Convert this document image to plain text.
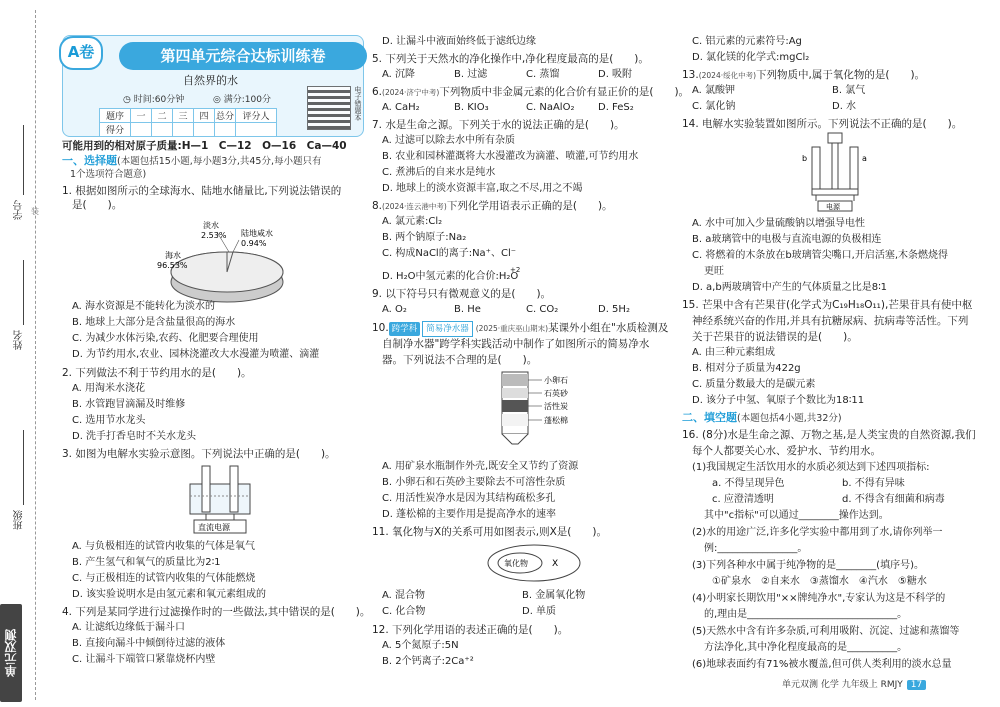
学号
姓名
班级
装
单元双测
A卷	第四单元综合达标训练卷
自然界的水
◷ 时间:60分钟	◎ 满分:100分
题序	一	二	三	四	总分	评分人
得分						
电子错题本
可能用到的相对原子质量:H—1　C—12　O—16　Ca—40
一、选择题(本题包括15小题,每小题3分,共45分,每小题只有
1个选项符合题意)
1. 根据如图所示的全球海水、陆地水储量比,下列说法错误的
是(　　)。
淡水
2.53% 陆地咸水
0.94%
海水
96.53%
A. 海水资源是不能转化为淡水的
B. 地球上大部分是含盐量很高的海水
C. 为减少水体污染,农药、化肥要合理使用
D. 为节约用水,农业、园林浇灌改大水漫灌为喷灌、滴灌
2. 下列做法不利于节约用水的是(　　)。
A. 用淘米水浇花
B. 水管跑冒滴漏及时维修
C. 选用节水龙头
D. 洗手打香皂时不关水龙头
3. 如图为电解水实验示意图。下列说法中正确的是(　　)。
直流电源
A. 与负极相连的试管内收集的气体是氧气
B. 产生氢气和氧气的质量比为2∶1
C. 与正极相连的试管内收集的气体能燃烧
D. 该实验说明水是由氢元素和氧元素组成的
4. 下列是某同学进行过滤操作时的一些做法,其中错误的是(　　)。
A. 让滤纸边缘低于漏斗口
B. 直接向漏斗中倾倒待过滤的液体
C. 让漏斗下端管口紧靠烧杯内壁
D. 让漏斗中液面始终低于滤纸边缘
5. 下列关于天然水的净化操作中,净化程度最高的是(　　)。
A. 沉降	B. 过滤	C. 蒸馏	D. 吸附
6.(2024·济宁中考)下列物质中非金属元素的化合价有显正价的是(　　)。
A. CaH₂	B. KIO₃	C. NaAlO₂ D. FeS₂
7. 水是生命之源。下列关于水的说法正确的是(　　)。
A. 过滤可以除去水中所有杂质
B. 农业和园林灌溉将大水漫灌改为滴灌、喷灌,可节约用水
C. 煮沸后的自来水是纯水
D. 地球上的淡水资源丰富,取之不尽,用之不竭
8.(2024·连云港中考)下列化学用语表示正确的是(　　)。
A. 氯元素:Cl₂
B. 两个钠原子:Na₂
C. 构成NaCl的离子:Na⁺、Cl⁻
+2
D. H₂O中氢元素的化合价:H₂O
9. 以下符号只有微观意义的是(　　)。
A. O₂	B. He	C. CO₂	D. 5H₂
10. 跨学科 简易净水器 (2025·重庆巫山期末)某课外小组在"水质检测及
自制净水器"跨学科实践活动中制作了如图所示的简易净水
器。下列说法不合理的是(　　)。
小卵石
石英砂
活性炭
蓬松棉
A. 用矿泉水瓶制作外壳,既安全又节约了资源
B. 小卵石和石英砂主要除去不可溶性杂质
C. 用活性炭净水是因为其结构疏松多孔
D. 蓬松棉的主要作用是提高净水的速率
11. 氧化物与X的关系可用如图表示,则X是(　　)。
氧化物	X
A. 混合物	B. 金属氧化物
C. 化合物	D. 单质
12. 下列化学用语的表述正确的是(　　)。
A. 5个氮原子:5N
B. 2个钙离子:2Ca⁺²
C. 铝元素的元素符号:Ag
D. 氯化镁的化学式:mgCl₂
13.(2024·绥化中考)下列物质中,属于氧化物的是(　　)。
A. 氯酸钾	B. 氯气
C. 氯化钠	D. 水
14. 电解水实验装置如图所示。下列说法不正确的是(　　)。
b	a
电源
A. 水中可加入少量硫酸钠以增强导电性
B. a玻璃管中的电极与直流电源的负极相连
C. 将燃着的木条放在b玻璃管尖嘴口,开启活塞,木条燃烧得
更旺
D. a,b两玻璃管中产生的气体质量之比是8∶1
15. 芒果中含有芒果苷(化学式为C₁₉H₁₈O₁₁),芒果苷具有使中枢
神经系统兴奋的作用,并具有抗糖尿病、抗病毒等活性。下列
关于芒果苷的说法错误的是(　　)。
A. 由三种元素组成
B. 相对分子质量为422g
C. 质量分数最大的是碳元素
D. 该分子中氢、氧原子个数比为18∶11
二、填空题(本题包括4小题,共32分)
16. (8分)水是生命之源、万物之基,是人类宝贵的自然资源,我们
每个人都要关心水、爱护水、节约用水。
(1)我国规定生活饮用水的水质必须达到下述四项指标:
a. 不得呈现异色	b. 不得有异味
c. 应澄清透明	d. 不得含有细菌和病毒
其中"c指标"可以通过________操作达到。
(2)水的用途广泛,许多化学实验中都用到了水,请你列举一
例:________________。
(3)下列各种水中属于纯净物的是________(填序号)。
①矿泉水　②自来水　③蒸馏水　④汽水　⑤糖水
(4)小明家长期饮用"××牌纯净水",专家认为这是不科学的
的,理由是______________________________。
(5)天然水中含有许多杂质,可利用吸附、沉淀、过滤和蒸馏等
方法净化,其中净化程度最高的是__________。
(6)地球表面约有71%被水覆盖,但可供人类利用的淡水总量
单元双测 化学 九年级上 RMJY 17
